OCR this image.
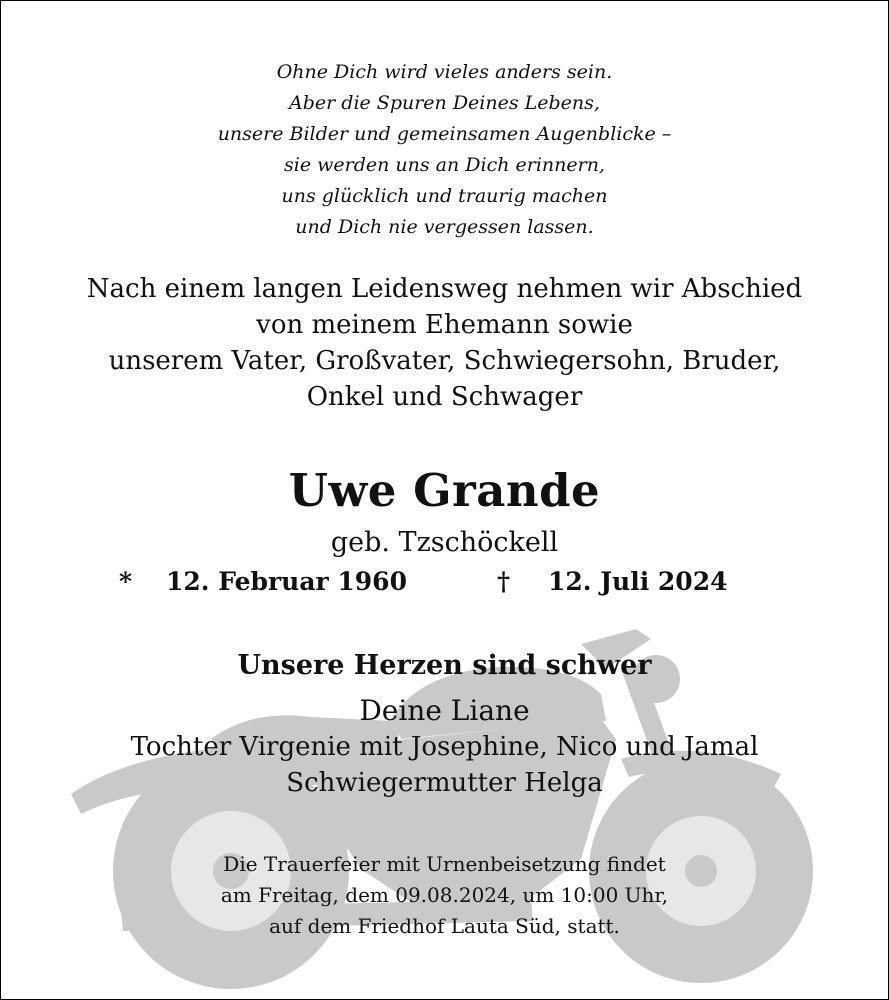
Ohne Dich wird vieles anders sein.
Aber die Spuren Deines Lebens,
unsere Bilder und gemeinsamen Augenblicke –
sie werden uns an Dich erinnern,
uns glücklich und traurig machen
und Dich nie vergessen lassen.
Nach einem langen Leidensweg nehmen wir Abschied
von meinem Ehemann sowie
unserem Vater, Großvater, Schwiegersohn, Bruder,
Onkel und Schwager
Uwe Grande
geb. Tzschöckell
* 12. Februar 1960	† 12. Juli 2024
Unsere Herzen sind schwer
Deine Liane
Tochter Virgenie mit Josephine, Nico und Jamal
Schwiegermutter Helga
Die Trauerfeier mit Urnenbeisetzung findet
am Freitag, dem 09.08.2024, um 10:00 Uhr,
auf dem Friedhof Lauta Süd, statt.
